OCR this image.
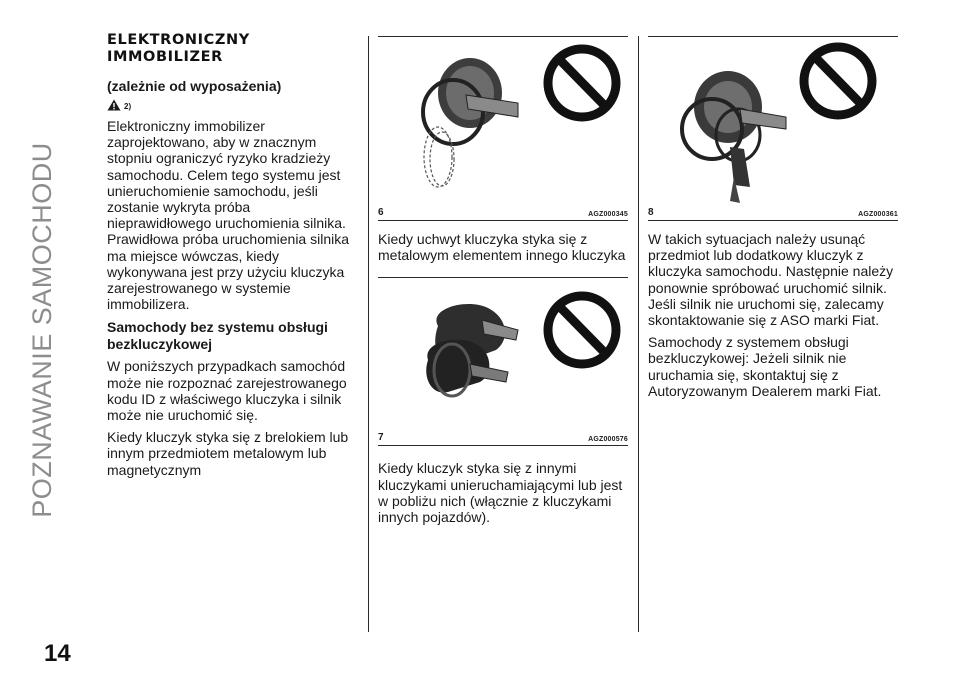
POZNAWANIE SAMOCHODU
14
ELEKTRONICZNY
IMMOBILIZER
(zależnie od wyposażenia)
2)

Elektroniczny immobilizer zaprojektowano, aby w znacznym stopniu ograniczyć ryzyko kradzieży samochodu. Celem tego systemu jest unieruchomienie samochodu, jeśli zostanie wykryta próba nieprawidłowego uruchomienia silnika. Prawidłowa próba uruchomienia silnika ma miejsce wówczas, kiedy wykonywana jest przy użyciu kluczyka zarejestrowanego w systemie immobilizera.

Samochody bez systemu obsługi bezkluczykowej

W poniższych przypadkach samochód może nie rozpoznać zarejestrowanego kodu ID z właściwego kluczyka i silnik może nie uruchomić się.

Kiedy kluczyk styka się z brelokiem lub innym przedmiotem metalowym lub magnetycznym

6	AGZ000345

Kiedy uchwyt kluczyka styka się z metalowym elementem innego kluczyka

7	AGZ000576

Kiedy kluczyk styka się z innymi kluczykami unieruchamiającymi lub jest w pobliżu nich (włącznie z kluczykami innych pojazdów).

8	AGZ000361

W takich sytuacjach należy usunąć przedmiot lub dodatkowy kluczyk z kluczyka samochodu. Następnie należy ponownie spróbować uruchomić silnik. Jeśli silnik nie uruchomi się, zalecamy skontaktowanie się z ASO marki Fiat.

Samochody z systemem obsługi bezkluczykowej: Jeżeli silnik nie uruchamia się, skontaktuj się z Autoryzowanym Dealerem marki Fiat.
